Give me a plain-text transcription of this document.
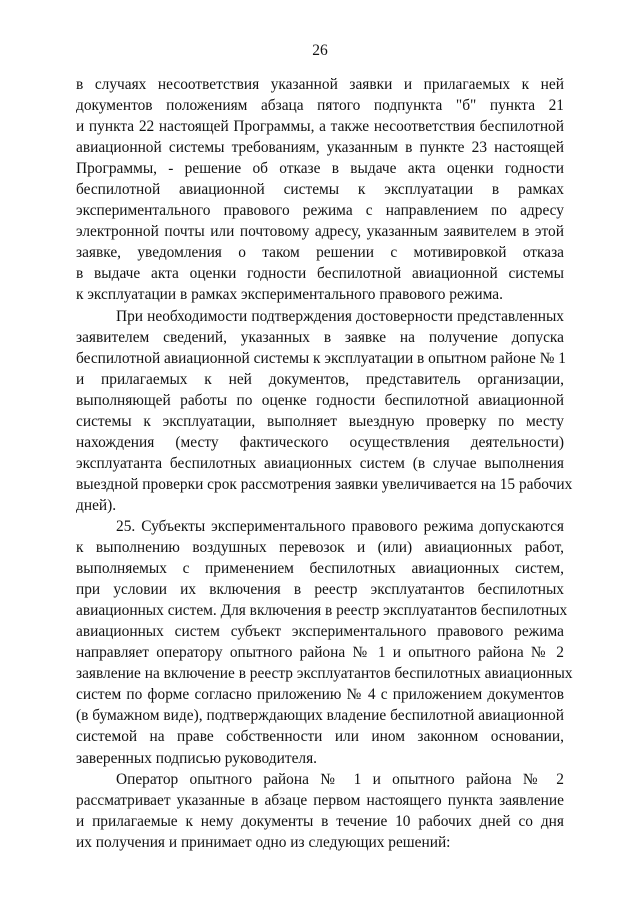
26
в случаях несоответствия указанной заявки и прилагаемых к ней
документов положениям абзаца пятого подпункта "б" пункта 21
и пункта 22 настоящей Программы, а также несоответствия беспилотной
авиационной системы требованиям, указанным в пункте 23 настоящей
Программы, - решение об отказе в выдаче акта оценки годности
беспилотной авиационной системы к эксплуатации в рамках
экспериментального правового режима с направлением по адресу
электронной почты или почтовому адресу, указанным заявителем в этой
заявке, уведомления о таком решении с мотивировкой отказа
в выдаче акта оценки годности беспилотной авиационной системы
к эксплуатации в рамках экспериментального правового режима.
При необходимости подтверждения достоверности представленных
заявителем сведений, указанных в заявке на получение допуска
беспилотной авиационной системы к эксплуатации в опытном районе № 1
и прилагаемых к ней документов, представитель организации,
выполняющей работы по оценке годности беспилотной авиационной
системы к эксплуатации, выполняет выездную проверку по месту
нахождения (месту фактического осуществления деятельности)
эксплуатанта беспилотных авиационных систем (в случае выполнения
выездной проверки срок рассмотрения заявки увеличивается на 15 рабочих
дней).
25. Субъекты экспериментального правового режима допускаются
к выполнению воздушных перевозок и (или) авиационных работ,
выполняемых с применением беспилотных авиационных систем,
при условии их включения в реестр эксплуатантов беспилотных
авиационных систем. Для включения в реестр эксплуатантов беспилотных
авиационных систем субъект экспериментального правового режима
направляет оператору опытного района № 1 и опытного района № 2
заявление на включение в реестр эксплуатантов беспилотных авиационных
систем по форме согласно приложению № 4 с приложением документов
(в бумажном виде), подтверждающих владение беспилотной авиационной
системой на праве собственности или ином законном основании,
заверенных подписью руководителя.
Оператор опытного района № 1 и опытного района № 2
рассматривает указанные в абзаце первом настоящего пункта заявление
и прилагаемые к нему документы в течение 10 рабочих дней со дня
их получения и принимает одно из следующих решений:
